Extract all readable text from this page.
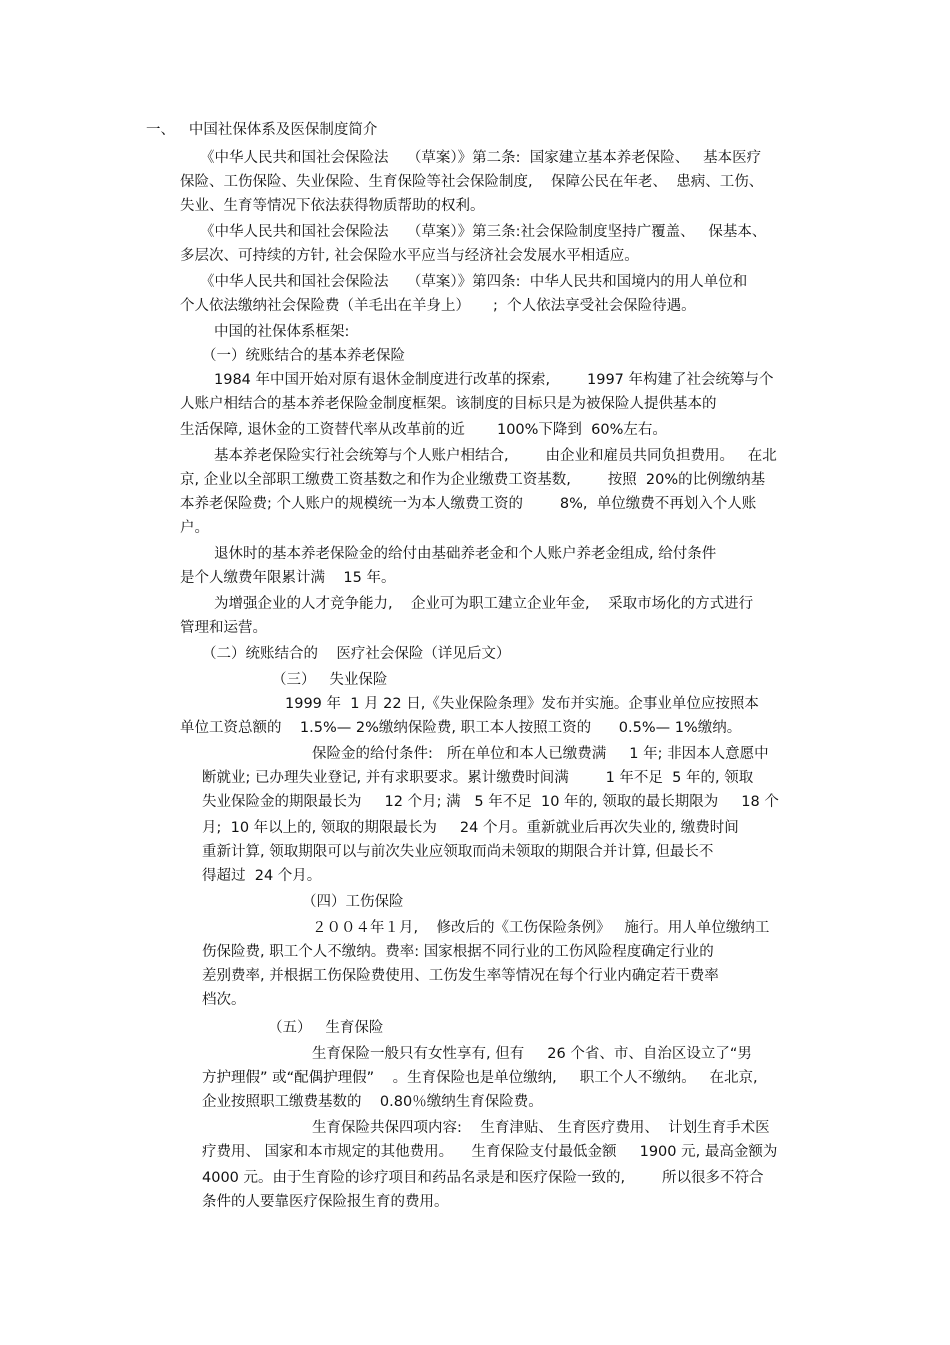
一、   中国社保体系及医保制度简介
《中华人民共和国社会保险法    （草案）》第二条:  国家建立基本养老保险、   基本医疗
保险、工伤保险、失业保险、生育保险等社会保险制度,    保障公民在年老、  患病、工伤、
失业、生育等情况下依法获得物质帮助的权利。
《中华人民共和国社会保险法    （草案）》第三条:社会保险制度坚持广覆盖、   保基本、
多层次、可持续的方针, 社会保险水平应当与经济社会发展水平相适应。
《中华人民共和国社会保险法    （草案）》第四条:  中华人民共和国境内的用人单位和
个人依法缴纳社会保险费（羊毛出在羊身上）     ;  个人依法享受社会保险待遇。
中国的社保体系框架:
（一）统账结合的基本养老保险
1984 年中国开始对原有退休金制度进行改革的探索,        1997 年构建了社会统筹与个
人账户相结合的基本养老保险金制度框架。该制度的目标只是为被保险人提供基本的
生活保障, 退休金的工资替代率从改革前的近       100%下降到  60%左右。
基本养老保险实行社会统筹与个人账户相结合,        由企业和雇员共同负担费用。   在北
京, 企业以全部职工缴费工资基数之和作为企业缴费工资基数,        按照  20%的比例缴纳基
本养老保险费; 个人账户的规模统一为本人缴费工资的        8%,  单位缴费不再划入个人账
户。
退休时的基本养老保险金的给付由基础养老金和个人账户养老金组成, 给付条件
是个人缴费年限累计满    15 年。
为增强企业的人才竞争能力,    企业可为职工建立企业年金,    采取市场化的方式进行
管理和运营。
（二）统账结合的    医疗社会保险（详见后文）
（三）   失业保险
1999 年  1 月 22 日,《失业保险条理》发布并实施。企事业单位应按照本
单位工资总额的    1.5%— 2%缴纳保险费, 职工本人按照工资的      0.5%— 1%缴纳。
保险金的给付条件:   所在单位和本人已缴费满     1 年; 非因本人意愿中
断就业; 已办理失业登记, 并有求职要求。累计缴费时间满        1 年不足  5 年的, 领取
失业保险金的期限最长为     12 个月; 满   5 年不足  10 年的, 领取的最长期限为     18 个
月;  10 年以上的, 领取的期限最长为     24 个月。重新就业后再次失业的, 缴费时间
重新计算, 领取期限可以与前次失业应领取而尚未领取的期限合并计算, 但最长不
得超过  24 个月。
（四）工伤保险
２００４年１月,    修改后的《工伤保险条例》   施行。用人单位缴纳工
伤保险费, 职工个人不缴纳。费率: 国家根据不同行业的工伤风险程度确定行业的
差别费率, 并根据工伤保险费使用、工伤发生率等情况在每个行业内确定若干费率
档次。
（五）   生育保险
生育保险一般只有女性享有, 但有     26 个省、市、自治区设立了“男
方护理假” 或“配偶护理假”    。生育保险也是单位缴纳,     职工个人不缴纳。   在北京,
企业按照职工缴费基数的    0.80％缴纳生育保险费。
生育保险共保四项内容:    生育津贴、 生育医疗费用、  计划生育手术医
疗费用、 国家和本市规定的其他费用。    生育保险支付最低金额     1900 元, 最高金额为
4000 元。由于生育险的诊疗项目和药品名录是和医疗保险一致的,        所以很多不符合
条件的人要靠医疗保险报生育的费用。
